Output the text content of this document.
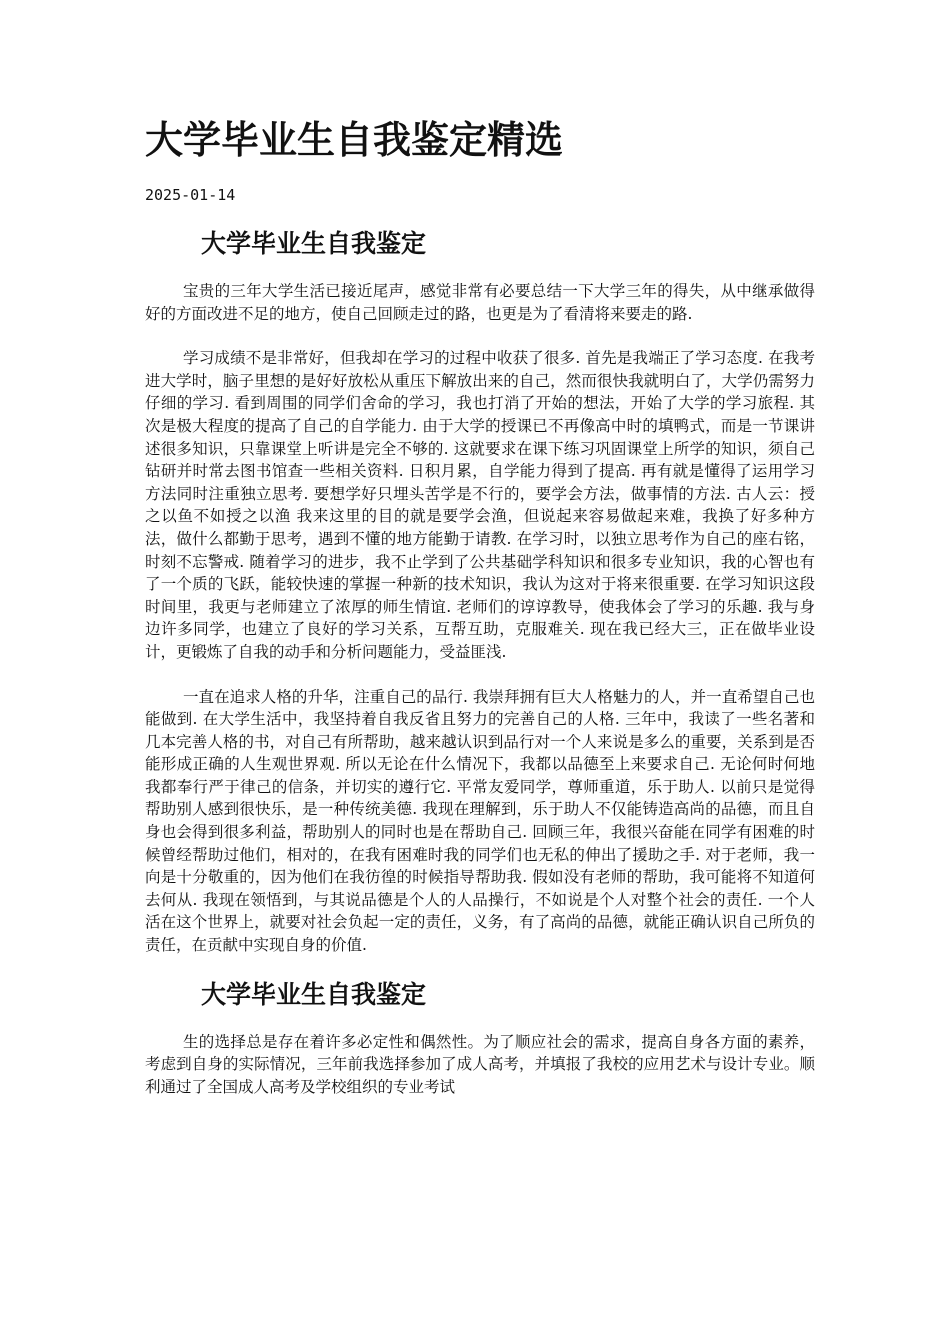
大学毕业生自我鉴定精选
2025-01-14
大学毕业生自我鉴定

宝贵的三年大学生活已接近尾声，感觉非常有必要总结一下大学三年的得失，从中继承做得好的方面改进不足的地方，使自己回顾走过的路，也更是为了看清将来要走的路.

学习成绩不是非常好，但我却在学习的过程中收获了很多. 首先是我端正了学习态度. 在我考进大学时，脑子里想的是好好放松从重压下解放出来的自己，然而很快我就明白了，大学仍需努力仔细的学习. 看到周围的同学们舍命的学习，我也打消了开始的想法，开始了大学的学习旅程. 其次是极大程度的提高了自己的自学能力. 由于大学的授课已不再像高中时的填鸭式，而是一节课讲述很多知识，只靠课堂上听讲是完全不够的. 这就要求在课下练习巩固课堂上所学的知识，须自己钻研并时常去图书馆查一些相关资料. 日积月累，自学能力得到了提高. 再有就是懂得了运用学习方法同时注重独立思考. 要想学好只埋头苦学是不行的，要学会方法，做事情的方法. 古人云：授之以鱼不如授之以渔 我来这里的目的就是要学会渔，但说起来容易做起来难，我换了好多种方法，做什么都勤于思考，遇到不懂的地方能勤于请教. 在学习时，以独立思考作为自己的座右铭，时刻不忘警戒. 随着学习的进步，我不止学到了公共基础学科知识和很多专业知识，我的心智也有了一个质的飞跃，能较快速的掌握一种新的技术知识，我认为这对于将来很重要. 在学习知识这段时间里，我更与老师建立了浓厚的师生情谊. 老师们的谆谆教导，使我体会了学习的乐趣. 我与身边许多同学，也建立了良好的学习关系，互帮互助，克服难关. 现在我已经大三，正在做毕业设计，更锻炼了自我的动手和分析问题能力，受益匪浅.

一直在追求人格的升华，注重自己的品行. 我崇拜拥有巨大人格魅力的人，并一直希望自己也能做到. 在大学生活中，我坚持着自我反省且努力的完善自己的人格. 三年中，我读了一些名著和几本完善人格的书，对自己有所帮助，越来越认识到品行对一个人来说是多么的重要，关系到是否能形成正确的人生观世界观. 所以无论在什么情况下，我都以品德至上来要求自己. 无论何时何地我都奉行严于律己的信条，并切实的遵行它. 平常友爱同学，尊师重道，乐于助人. 以前只是觉得帮助别人感到很快乐，是一种传统美德. 我现在理解到，乐于助人不仅能铸造高尚的品德，而且自身也会得到很多利益，帮助别人的同时也是在帮助自己. 回顾三年，我很兴奋能在同学有困难的时候曾经帮助过他们，相对的，在我有困难时我的同学们也无私的伸出了援助之手. 对于老师，我一向是十分敬重的，因为他们在我彷徨的时候指导帮助我. 假如没有老师的帮助，我可能将不知道何去何从. 我现在领悟到，与其说品德是个人的人品操行，不如说是个人对整个社会的责任. 一个人活在这个世界上，就要对社会负起一定的责任，义务，有了高尚的品德，就能正确认识自己所负的责任，在贡献中实现自身的价值.

大学毕业生自我鉴定

生的选择总是存在着许多必定性和偶然性。为了顺应社会的需求，提高自身各方面的素养，考虑到自身的实际情况，三年前我选择参加了成人高考，并填报了我校的应用艺术与设计专业。顺利通过了全国成人高考及学校组织的专业考试
